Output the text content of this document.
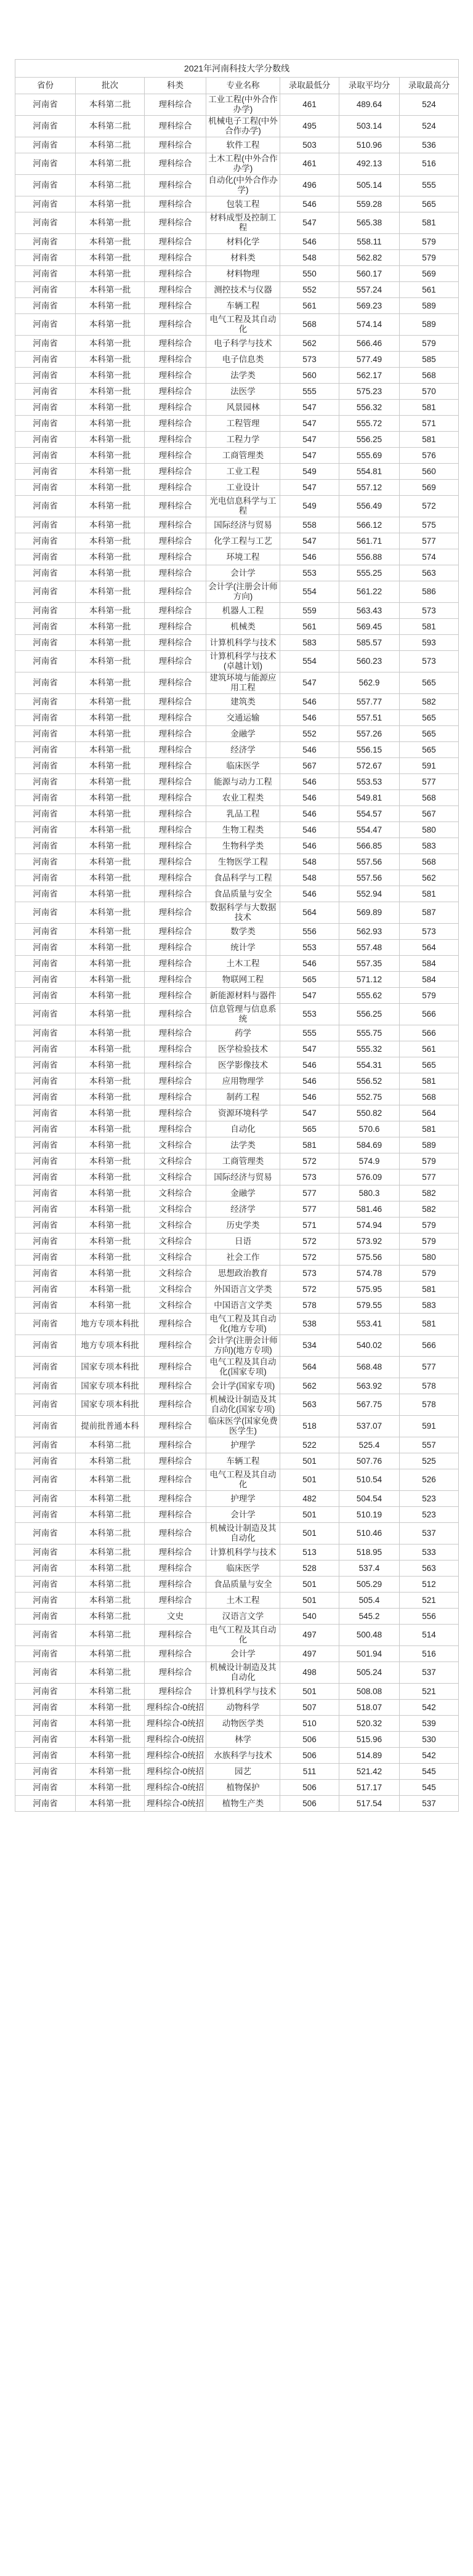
2021年河南科技大学分数线
省份	批次	科类	专业名称	录取最低分	录取平均分	录取最高分
河南省	本科第二批	理科综合	工业工程(中外合作办学)	461	489.64	524
河南省	本科第二批	理科综合	机械电子工程(中外合作办学)	495	503.14	524
河南省	本科第二批	理科综合	软件工程	503	510.96	536
河南省	本科第二批	理科综合	土木工程(中外合作办学)	461	492.13	516
河南省	本科第二批	理科综合	自动化(中外合作办学)	496	505.14	555
河南省	本科第一批	理科综合	包装工程	546	559.28	565
河南省	本科第一批	理科综合	材料成型及控制工程	547	565.38	581
河南省	本科第一批	理科综合	材料化学	546	558.11	579
河南省	本科第一批	理科综合	材料类	548	562.82	579
河南省	本科第一批	理科综合	材料物理	550	560.17	569
河南省	本科第一批	理科综合	测控技术与仪器	552	557.24	561
河南省	本科第一批	理科综合	车辆工程	561	569.23	589
河南省	本科第一批	理科综合	电气工程及其自动化	568	574.14	589
河南省	本科第一批	理科综合	电子科学与技术	562	566.46	579
河南省	本科第一批	理科综合	电子信息类	573	577.49	585
河南省	本科第一批	理科综合	法学类	560	562.17	568
河南省	本科第一批	理科综合	法医学	555	575.23	570
河南省	本科第一批	理科综合	风景园林	547	556.32	581
河南省	本科第一批	理科综合	工程管理	547	555.72	571
河南省	本科第一批	理科综合	工程力学	547	556.25	581
河南省	本科第一批	理科综合	工商管理类	547	555.69	576
河南省	本科第一批	理科综合	工业工程	549	554.81	560
河南省	本科第一批	理科综合	工业设计	547	557.12	569
河南省	本科第一批	理科综合	光电信息科学与工程	549	556.49	572
河南省	本科第一批	理科综合	国际经济与贸易	558	566.12	575
河南省	本科第一批	理科综合	化学工程与工艺	547	561.71	577
河南省	本科第一批	理科综合	环境工程	546	556.88	574
河南省	本科第一批	理科综合	会计学	553	555.25	563
河南省	本科第一批	理科综合	会计学(注册会计师方向)	554	561.22	586
河南省	本科第一批	理科综合	机器人工程	559	563.43	573
河南省	本科第一批	理科综合	机械类	561	569.45	581
河南省	本科第一批	理科综合	计算机科学与技术	583	585.57	593
河南省	本科第一批	理科综合	计算机科学与技术(卓越计划)	554	560.23	573
河南省	本科第一批	理科综合	建筑环境与能源应用工程	547	562.9	565
河南省	本科第一批	理科综合	建筑类	546	557.77	582
河南省	本科第一批	理科综合	交通运输	546	557.51	565
河南省	本科第一批	理科综合	金融学	552	557.26	565
河南省	本科第一批	理科综合	经济学	546	556.15	565
河南省	本科第一批	理科综合	临床医学	567	572.67	591
河南省	本科第一批	理科综合	能源与动力工程	546	553.53	577
河南省	本科第一批	理科综合	农业工程类	546	549.81	568
河南省	本科第一批	理科综合	乳品工程	546	554.57	567
河南省	本科第一批	理科综合	生物工程类	546	554.47	580
河南省	本科第一批	理科综合	生物科学类	546	566.85	583
河南省	本科第一批	理科综合	生物医学工程	548	557.56	568
河南省	本科第一批	理科综合	食品科学与工程	548	557.56	562
河南省	本科第一批	理科综合	食品质量与安全	546	552.94	581
河南省	本科第一批	理科综合	数据科学与大数据技术	564	569.89	587
河南省	本科第一批	理科综合	数学类	556	562.93	573
河南省	本科第一批	理科综合	统计学	553	557.48	564
河南省	本科第一批	理科综合	土木工程	546	557.35	584
河南省	本科第一批	理科综合	物联网工程	565	571.12	584
河南省	本科第一批	理科综合	新能源材料与器件	547	555.62	579
河南省	本科第一批	理科综合	信息管理与信息系统	553	556.25	566
河南省	本科第一批	理科综合	药学	555	555.75	566
河南省	本科第一批	理科综合	医学检验技术	547	555.32	561
河南省	本科第一批	理科综合	医学影像技术	546	554.31	565
河南省	本科第一批	理科综合	应用物理学	546	556.52	581
河南省	本科第一批	理科综合	制药工程	546	552.75	568
河南省	本科第一批	理科综合	资源环境科学	547	550.82	564
河南省	本科第一批	理科综合	自动化	565	570.6	581
河南省	本科第一批	文科综合	法学类	581	584.69	589
河南省	本科第一批	文科综合	工商管理类	572	574.9	579
河南省	本科第一批	文科综合	国际经济与贸易	573	576.09	577
河南省	本科第一批	文科综合	金融学	577	580.3	582
河南省	本科第一批	文科综合	经济学	577	581.46	582
河南省	本科第一批	文科综合	历史学类	571	574.94	579
河南省	本科第一批	文科综合	日语	572	573.92	579
河南省	本科第一批	文科综合	社会工作	572	575.56	580
河南省	本科第一批	文科综合	思想政治教育	573	574.78	579
河南省	本科第一批	文科综合	外国语言文学类	572	575.95	581
河南省	本科第一批	文科综合	中国语言文学类	578	579.55	583
河南省	地方专项本科批	理科综合	电气工程及其自动化(地方专项)	538	553.41	581
河南省	地方专项本科批	理科综合	会计学(注册会计师方向)(地方专项)	534	540.02	566
河南省	国家专项本科批	理科综合	电气工程及其自动化(国家专项)	564	568.48	577
河南省	国家专项本科批	理科综合	会计学(国家专项)	562	563.92	578
河南省	国家专项本科批	理科综合	机械设计制造及其自动化(国家专项)	563	567.75	578
河南省	提前批普通本科	理科综合	临床医学(国家免费医学生)	518	537.07	591
河南省	本科第二批	理科综合	护理学	522	525.4	557
河南省	本科第二批	理科综合	车辆工程	501	507.76	525
河南省	本科第二批	理科综合	电气工程及其自动化	501	510.54	526
河南省	本科第二批	理科综合	护理学	482	504.54	523
河南省	本科第二批	理科综合	会计学	501	510.19	523
河南省	本科第二批	理科综合	机械设计制造及其自动化	501	510.46	537
河南省	本科第二批	理科综合	计算机科学与技术	513	518.95	533
河南省	本科第二批	理科综合	临床医学	528	537.4	563
河南省	本科第二批	理科综合	食品质量与安全	501	505.29	512
河南省	本科第二批	理科综合	土木工程	501	505.4	521
河南省	本科第二批	文史	汉语言文学	540	545.2	556
河南省	本科第二批	理科综合	电气工程及其自动化	497	500.48	514
河南省	本科第二批	理科综合	会计学	497	501.94	516
河南省	本科第二批	理科综合	机械设计制造及其自动化	498	505.24	537
河南省	本科第二批	理科综合	计算机科学与技术	501	508.08	521
河南省	本科第一批	理科综合-0统招	动物科学	507	518.07	542
河南省	本科第一批	理科综合-0统招	动物医学类	510	520.32	539
河南省	本科第一批	理科综合-0统招	林学	506	515.96	530
河南省	本科第一批	理科综合-0统招	水族科学与技术	506	514.89	542
河南省	本科第一批	理科综合-0统招	园艺	511	521.42	545
河南省	本科第一批	理科综合-0统招	植物保护	506	517.17	545
河南省	本科第一批	理科综合-0统招	植物生产类	506	517.54	537
